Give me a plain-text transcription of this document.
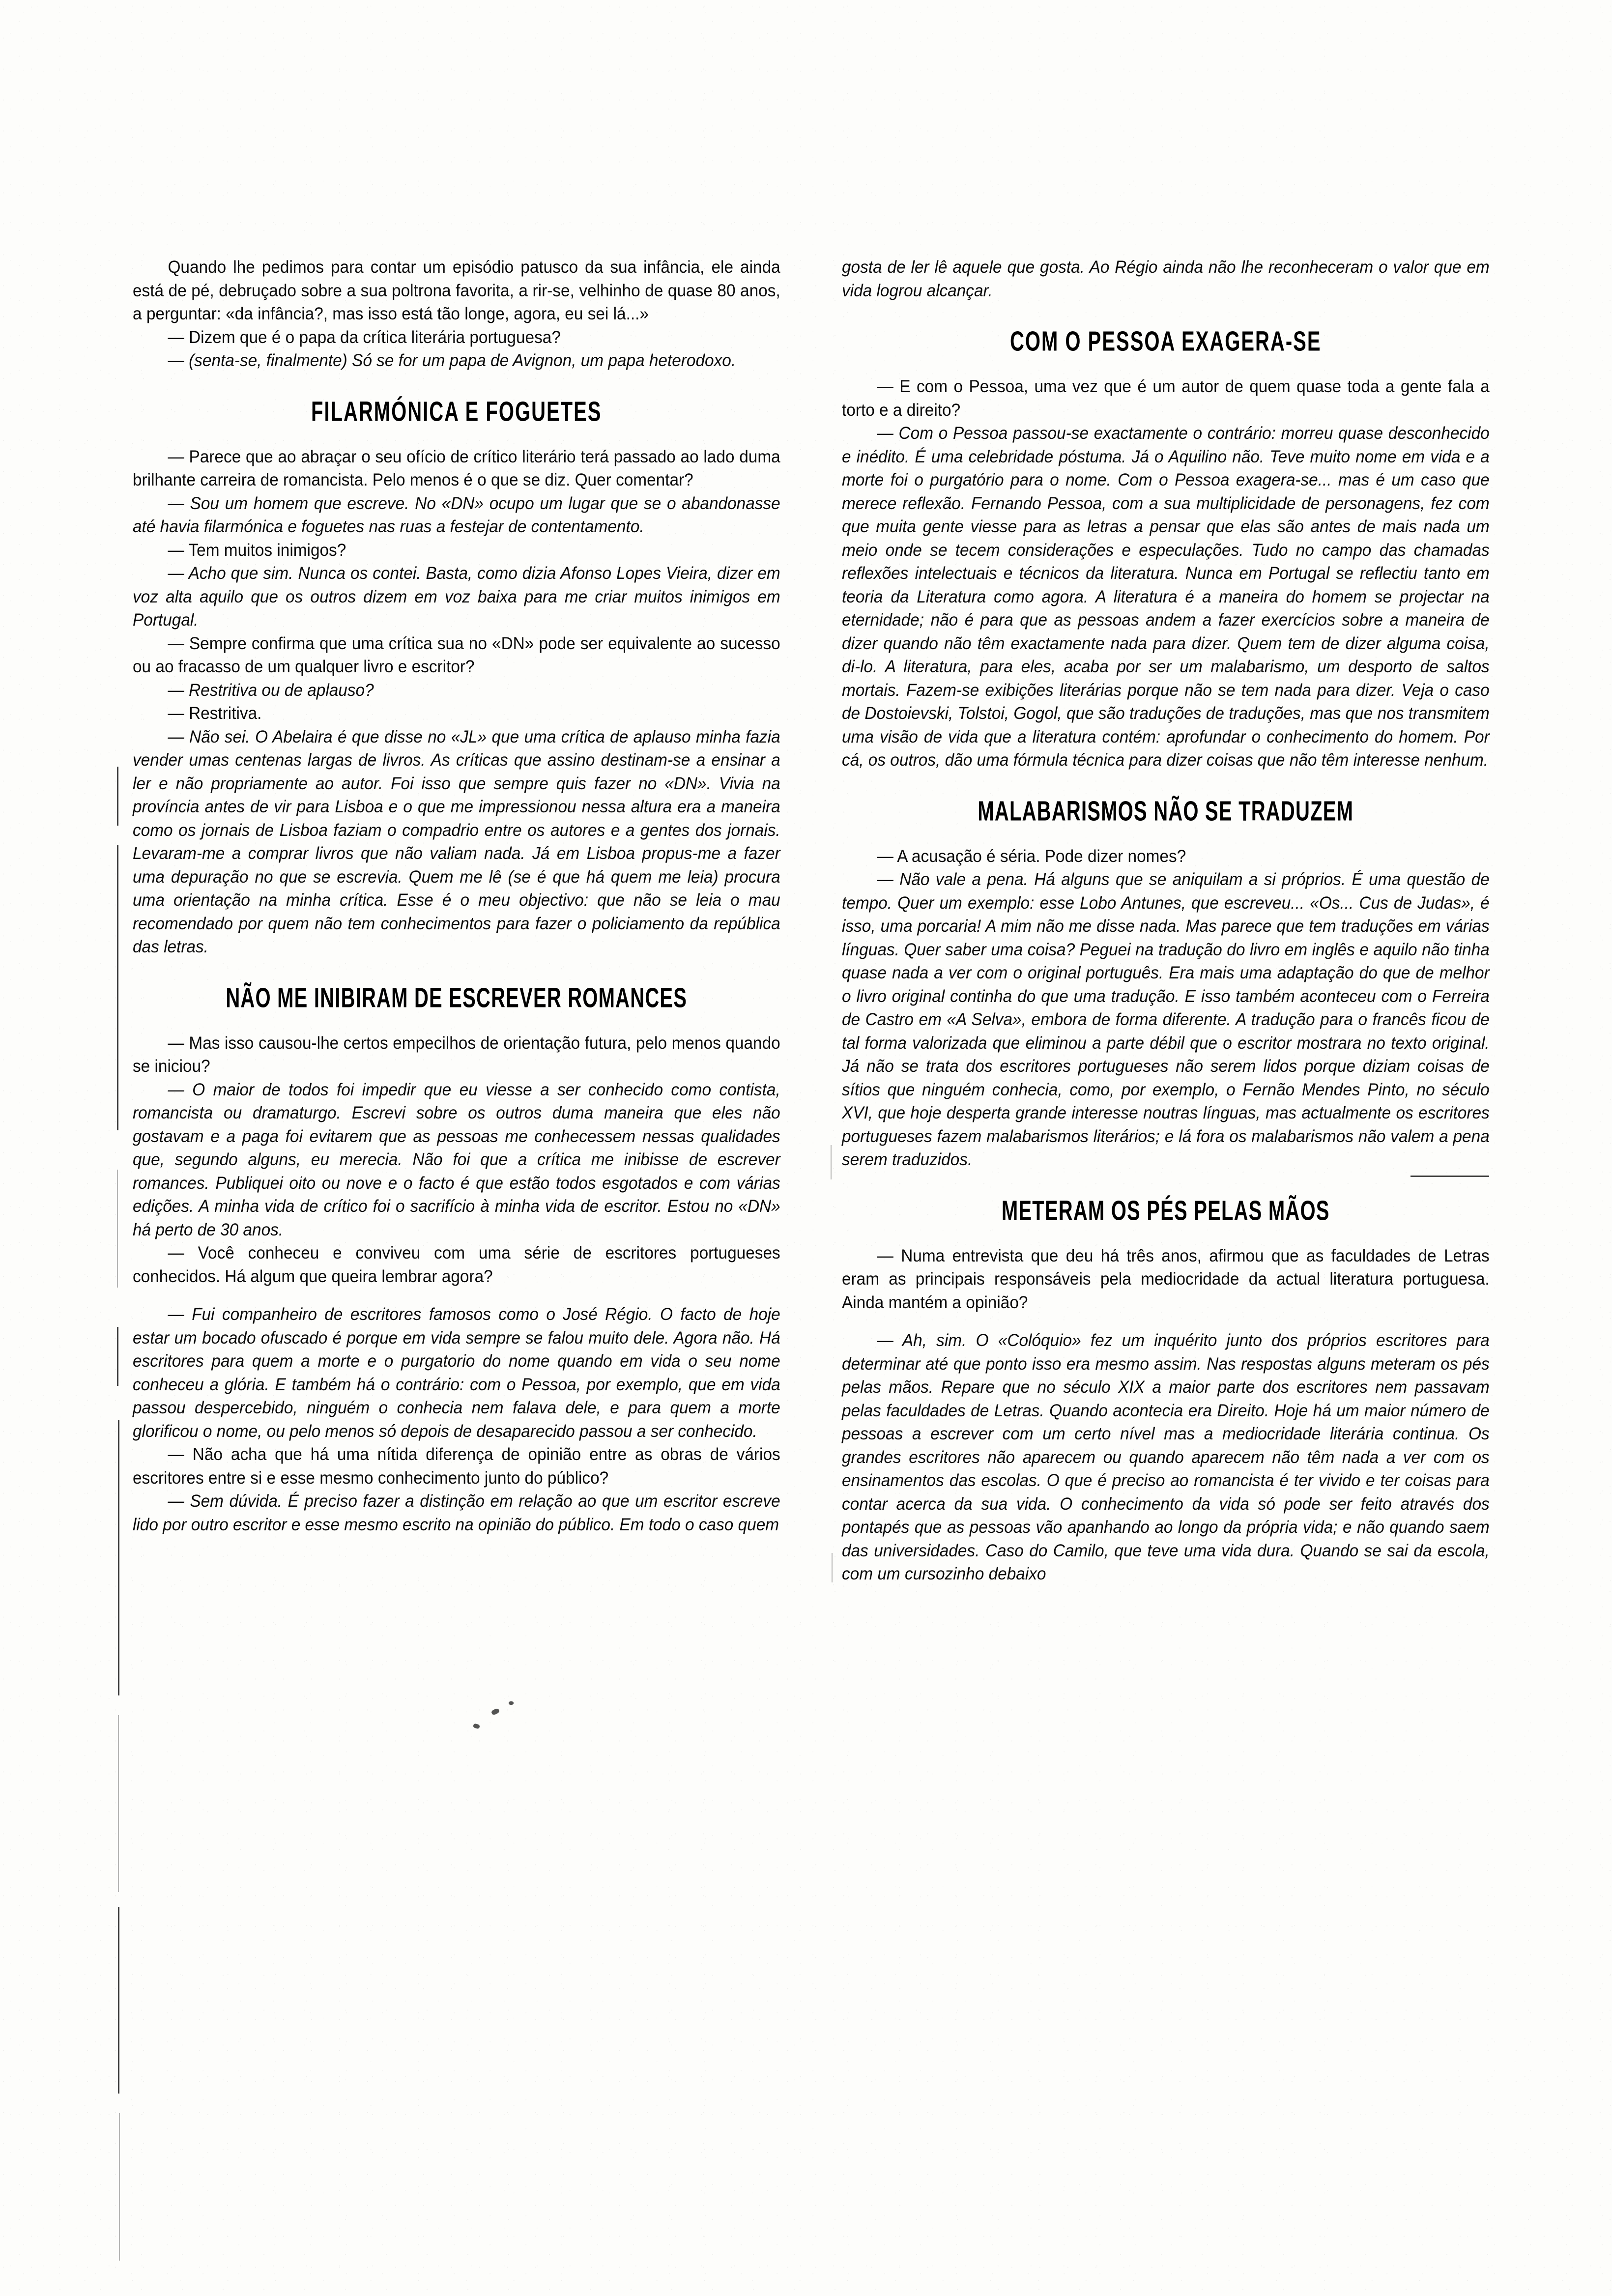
Quando lhe pedimos para contar um episódio patusco da sua infância, ele ainda está de pé, debruçado sobre a sua poltrona favorita, a rir-se, velhinho de quase 80 anos, a perguntar: «da infância?, mas isso está tão longe, agora, eu sei lá...»

— Dizem que é o papa da crítica literária portuguesa?

— (senta-se, finalmente) Só se for um papa de Avignon, um papa heterodoxo.

FILARMÓNICA E FOGUETES

— Parece que ao abraçar o seu ofício de crítico literário terá passado ao lado duma brilhante carreira de romancista. Pelo menos é o que se diz. Quer comentar?

— Sou um homem que escreve. No «DN» ocupo um lugar que se o abandonasse até havia filarmónica e foguetes nas ruas a festejar de contentamento.

— Tem muitos inimigos?

— Acho que sim. Nunca os contei. Basta, como dizia Afonso Lopes Vieira, dizer em voz alta aquilo que os outros dizem em voz baixa para me criar muitos inimigos em Portugal.

— Sempre confirma que uma crítica sua no «DN» pode ser equivalente ao sucesso ou ao fracasso de um qualquer livro e escritor?

— Restritiva ou de aplauso?

— Restritiva.

— Não sei. O Abelaira é que disse no «JL» que uma crítica de aplauso minha fazia vender umas centenas largas de livros. As críticas que assino destinam-se a ensinar a ler e não propriamente ao autor. Foi isso que sempre quis fazer no «DN». Vivia na província antes de vir para Lisboa e o que me impressionou nessa altura era a maneira como os jornais de Lisboa faziam o compadrio entre os autores e a gentes dos jornais. Levaram-me a comprar livros que não valiam nada. Já em Lisboa propus-me a fazer uma depuração no que se escrevia. Quem me lê (se é que há quem me leia) procura uma orientação na minha crítica. Esse é o meu objectivo: que não se leia o mau recomendado por quem não tem conhecimentos para fazer o policiamento da república das letras.

NÃO ME INIBIRAM DE ESCREVER ROMANCES

— Mas isso causou-lhe certos empecilhos de orientação futura, pelo menos quando se iniciou?

— O maior de todos foi impedir que eu viesse a ser conhecido como contista, romancista ou dramaturgo. Escrevi sobre os outros duma maneira que eles não gostavam e a paga foi evitarem que as pessoas me conhecessem nessas qualidades que, segundo alguns, eu merecia. Não foi que a crítica me inibisse de escrever romances. Publiquei oito ou nove e o facto é que estão todos esgotados e com várias edições. A minha vida de crítico foi o sacrifício à minha vida de escritor. Estou no «DN» há perto de 30 anos.

— Você conheceu e conviveu com uma série de escritores portugueses conhecidos. Há algum que queira lembrar agora?

— Fui companheiro de escritores famosos como o José Régio. O facto de hoje estar um bocado ofuscado é porque em vida sempre se falou muito dele. Agora não. Há escritores para quem a morte e o purgatorio do nome quando em vida o seu nome conheceu a glória. E também há o contrário: com o Pessoa, por exemplo, que em vida passou despercebido, ninguém o conhecia nem falava dele, e para quem a morte glorificou o nome, ou pelo menos só depois de desaparecido passou a ser conhecido.

— Não acha que há uma nítida diferença de opinião entre as obras de vários escritores entre si e esse mesmo conhecimento junto do público?

— Sem dúvida. É preciso fazer a distinção em relação ao que um escritor escreve lido por outro escritor e esse mesmo escrito na opinião do público. Em todo o caso quem

gosta de ler lê aquele que gosta. Ao Régio ainda não lhe reconheceram o valor que em vida logrou alcançar.

COM O PESSOA EXAGERA-SE

— E com o Pessoa, uma vez que é um autor de quem quase toda a gente fala a torto e a direito?

— Com o Pessoa passou-se exactamente o contrário: morreu quase desconhecido e inédito. É uma celebridade póstuma. Já o Aquilino não. Teve muito nome em vida e a morte foi o purgatório para o nome. Com o Pessoa exagera-se... mas é um caso que merece reflexão. Fernando Pessoa, com a sua multiplicidade de personagens, fez com que muita gente viesse para as letras a pensar que elas são antes de mais nada um meio onde se tecem considerações e especulações. Tudo no campo das chamadas reflexões intelectuais e técnicos da literatura. Nunca em Portugal se reflectiu tanto em teoria da Literatura como agora. A literatura é a maneira do homem se projectar na eternidade; não é para que as pessoas andem a fazer exercícios sobre a maneira de dizer quando não têm exactamente nada para dizer. Quem tem de dizer alguma coisa, di-lo. A literatura, para eles, acaba por ser um malabarismo, um desporto de saltos mortais. Fazem-se exibições literárias porque não se tem nada para dizer. Veja o caso de Dostoievski, Tolstoi, Gogol, que são traduções de traduções, mas que nos transmitem uma visão de vida que a literatura contém: aprofundar o conhecimento do homem. Por cá, os outros, dão uma fórmula técnica para dizer coisas que não têm interesse nenhum.

MALABARISMOS NÃO SE TRADUZEM

— A acusação é séria. Pode dizer nomes?

— Não vale a pena. Há alguns que se aniquilam a si próprios. É uma questão de tempo. Quer um exemplo: esse Lobo Antunes, que escreveu... «Os... Cus de Judas», é isso, uma porcaria! A mim não me disse nada. Mas parece que tem traduções em várias línguas. Quer saber uma coisa? Peguei na tradução do livro em inglês e aquilo não tinha quase nada a ver com o original português. Era mais uma adaptação do que de melhor o livro original continha do que uma tradução. E isso também aconteceu com o Ferreira de Castro em «A Selva», embora de forma diferente. A tradução para o francês ficou de tal forma valorizada que eliminou a parte débil que o escritor mostrara no texto original. Já não se trata dos escritores portugueses não serem lidos porque diziam coisas de sítios que ninguém conhecia, como, por exemplo, o Fernão Mendes Pinto, no século XVI, que hoje desperta grande interesse noutras línguas, mas actualmente os escritores portugueses fazem malabarismos literários; e lá fora os malabarismos não valem a pena serem traduzidos.

METERAM OS PÉS PELAS MÃOS

— Numa entrevista que deu há três anos, afirmou que as faculdades de Letras eram as principais responsáveis pela mediocridade da actual literatura portuguesa. Ainda mantém a opinião?

— Ah, sim. O «Colóquio» fez um inquérito junto dos próprios escritores para determinar até que ponto isso era mesmo assim. Nas respostas alguns meteram os pés pelas mãos. Repare que no século XIX a maior parte dos escritores nem passavam pelas faculdades de Letras. Quando acontecia era Direito. Hoje há um maior número de pessoas a escrever com um certo nível mas a mediocridade literária continua. Os grandes escritores não aparecem ou quando aparecem não têm nada a ver com os ensinamentos das escolas. O que é preciso ao romancista é ter vivido e ter coisas para contar acerca da sua vida. O conhecimento da vida só pode ser feito através dos pontapés que as pessoas vão apanhando ao longo da própria vida; e não quando saem das universidades. Caso do Camilo, que teve uma vida dura. Quando se sai da escola, com um cursozinho debaixo
